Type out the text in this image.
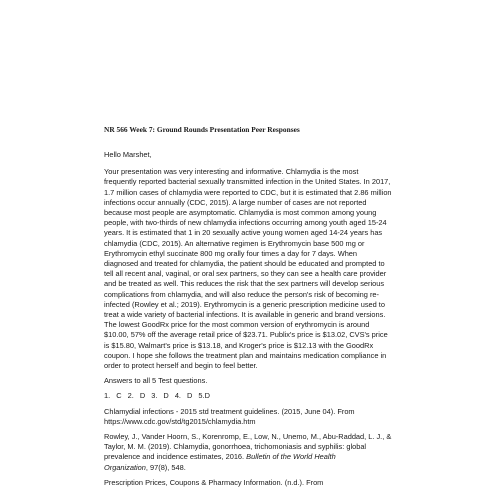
NR 566 Week 7: Ground Rounds Presentation Peer Responses

Hello Marshet,

Your presentation was very interesting and informative. Chlamydia is the most
frequently reported bacterial sexually transmitted infection in the United States. In 2017,
1.7 million cases of chlamydia were reported to CDC, but it is estimated that 2.86 million
infections occur annually (CDC, 2015). A large number of cases are not reported
because most people are asymptomatic. Chlamydia is most common among young
people, with two-thirds of new chlamydia infections occurring among youth aged 15-24
years. It is estimated that 1 in 20 sexually active young women aged 14-24 years has
chlamydia (CDC, 2015). An alternative regimen is Erythromycin base 500 mg or
Erythromycin ethyl succinate 800 mg orally four times a day for 7 days. When
diagnosed and treated for chlamydia, the patient should be educated and prompted to
tell all recent anal, vaginal, or oral sex partners, so they can see a health care provider
and be treated as well. This reduces the risk that the sex partners will develop serious
complications from chlamydia, and will also reduce the person's risk of becoming re-
infected (Rowley et al.; 2019). Erythromycin is a generic prescription medicine used to
treat a wide variety of bacterial infections. It is available in generic and brand versions.
The lowest GoodRx price for the most common version of erythromycin is around
$10.00, 57% off the average retail price of $23.71. Publix's price is $13.02, CVS's price
is $15.80, Walmart's price is $13.18, and Kroger's price is $12.13 with the GoodRx
coupon. I hope she follows the treatment plan and maintains medication compliance in
order to protect herself and begin to feel better.

Answers to all 5 Test questions.

1. C 2. D 3. D 4. D 5.D

Chlamydial infections - 2015 std treatment guidelines. (2015, June 04). From
https://www.cdc.gov/std/tg2015/chlamydia.htm

Rowley, J., Vander Hoorn, S., Korenromp, E., Low, N., Unemo, M., Abu-Raddad, L. J., &
Taylor, M. M. (2019). Chlamydia, gonorrhoea, trichomoniasis and syphilis: global
prevalence and incidence estimates, 2016. Bulletin of the World Health
Organization, 97(8), 548.

Prescription Prices, Coupons & Pharmacy Information. (n.d.). From
